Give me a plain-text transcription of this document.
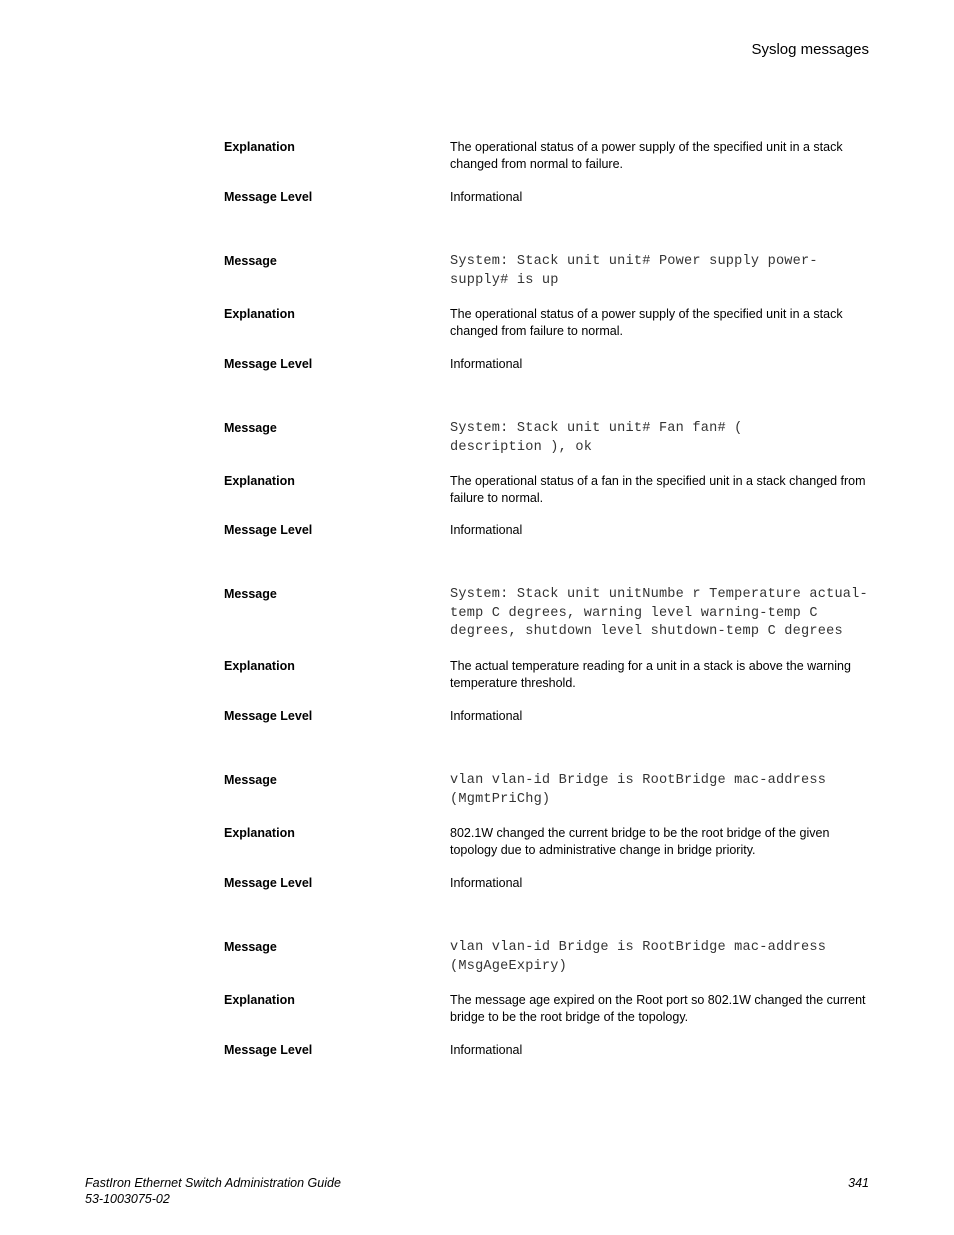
Syslog messages
Explanation	The operational status of a power supply of the specified unit in a stack changed from normal to failure.
Message Level	Informational
Message	System: Stack unit unit# Power supply power-supply# is up
Explanation	The operational status of a power supply of the specified unit in a stack changed from failure to normal.
Message Level	Informational
Message	System: Stack unit unit# Fan fan# ( description ), ok
Explanation	The operational status of a fan in the specified unit in a stack changed from failure to normal.
Message Level	Informational
Message	System: Stack unit unitNumbe r Temperature actual-temp C degrees, warning level warning-temp C degrees, shutdown level shutdown-temp C degrees
Explanation	The actual temperature reading for a unit in a stack is above the warning temperature threshold.
Message Level	Informational
Message	vlan vlan-id Bridge is RootBridge mac-address (MgmtPriChg)
Explanation	802.1W changed the current bridge to be the root bridge of the given topology due to administrative change in bridge priority.
Message Level	Informational
Message	vlan vlan-id Bridge is RootBridge mac-address (MsgAgeExpiry)
Explanation	The message age expired on the Root port so 802.1W changed the current bridge to be the root bridge of the topology.
Message Level	Informational
FastIron Ethernet Switch Administration Guide
53-1003075-02
341
